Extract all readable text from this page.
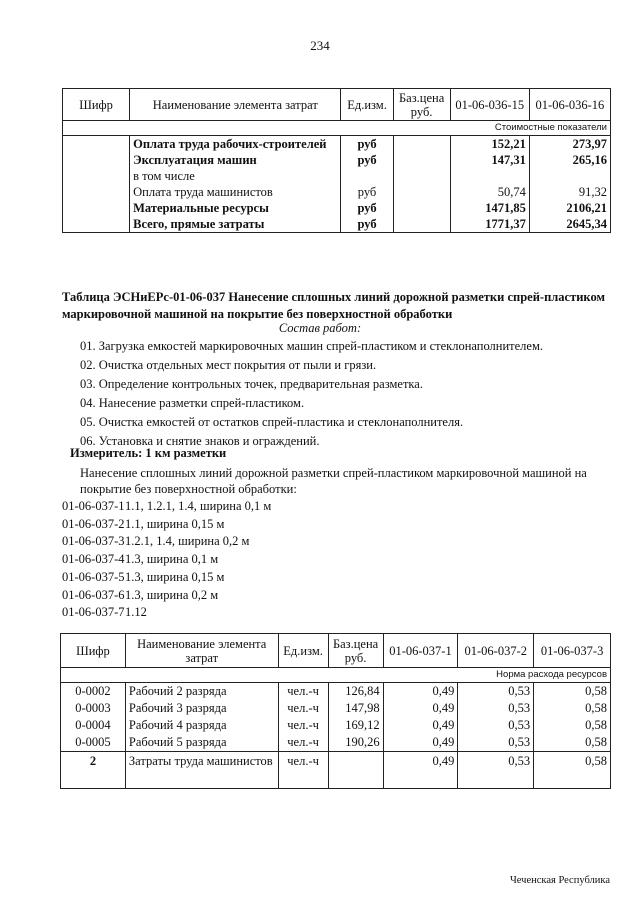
234
Шифр	Наименование элемента затрат	Ед.изм.	Баз.цена руб.	01-06-036-15	01-06-036-16
Стоимостные показатели					
	Оплата труда рабочих-строителей	руб		152,21	273,97
	Эксплуатация машин	руб		147,31	265,16
	в том числе				
	Оплата труда машинистов	руб		50,74	91,32
	Материальные ресурсы	руб		1471,85	2106,21
	Всего, прямые затраты	руб		1771,37	2645,34
Таблица ЭСНиЕРс-01-06-037 Нанесение сплошных линий дорожной разметки спрей-пластиком маркировочной машиной на покрытие без поверхностной обработки
Состав работ:
01. Загрузка емкостей маркировочных машин спрей-пластиком и стеклонаполнителем.
02. Очистка отдельных мест покрытия от пыли и грязи.
03. Определение контрольных точек, предварительная разметка.
04. Нанесение разметки спрей-пластиком.
05. Очистка емкостей от остатков спрей-пластика и стеклонаполнителя.
06. Установка и снятие знаков и ограждений.
Измеритель: 1 км разметки
Нанесение сплошных линий дорожной разметки спрей-пластиком маркировочной машиной на покрытие без поверхностной обработки:
01-06-037-11.1, 1.2.1, 1.4, ширина 0,1 м
01-06-037-21.1, ширина 0,15 м
01-06-037-31.2.1, 1.4, ширина 0,2 м
01-06-037-41.3, ширина 0,1 м
01-06-037-51.3, ширина 0,15 м
01-06-037-61.3, ширина 0,2 м
01-06-037-71.12
Шифр	Наименование элемента затрат	Ед.изм.	Баз.цена руб.	01-06-037-1	01-06-037-2	01-06-037-3
Норма расхода ресурсов						
0-0002	Рабочий 2 разряда	чел.-ч	126,84	0,49	0,53	0,58
0-0003	Рабочий 3 разряда	чел.-ч	147,98	0,49	0,53	0,58
0-0004	Рабочий 4 разряда	чел.-ч	169,12	0,49	0,53	0,58
0-0005	Рабочий 5 разряда	чел.-ч	190,26	0,49	0,53	0,58
2	Затраты труда машинистов	чел.-ч		0,49	0,53	0,58
Чеченская Республика
